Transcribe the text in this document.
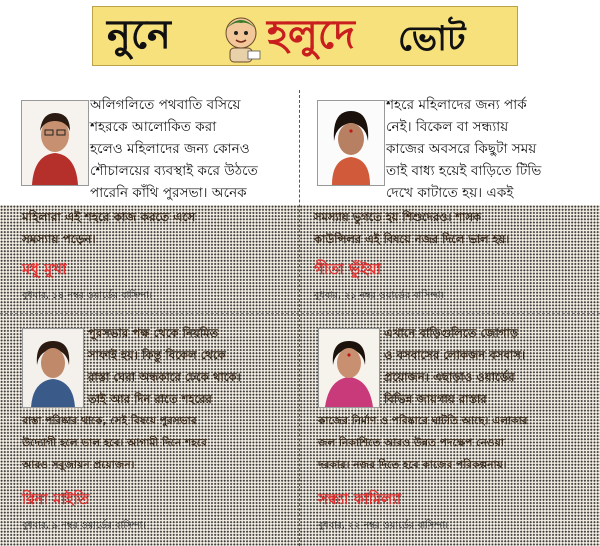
নুনে হলুদে ভোট
অলিগলিতে পথবাতি বসিয়ে
শহরকে আলোকিত করা
হলেও মহিলাদের জন্য কোনও
শৌচালয়ের ব্যবস্থাই করে উঠতে
পারেনি কাঁথি পুরসভা। অনেক
মহিলারা এই শহরে কাজ করতে এসে
সমস্যায় পড়েন।
মধু মুখা
বুধবার, ১৪ নম্বর ওয়ার্ডের বাসিন্দা।
শহরে মহিলাদের জন্য পার্ক
নেই। বিকেল বা সন্ধ্যায়
কাজের অবসরে কিছুটা সময়
তাই বাধ্য হয়েই বাড়িতে টিভি
দেখে কাটাতে হয়। একই
সমস্যায় ভুগতে হয় শিশুদেরও। শাসক
কাউন্সিলর এই বিষয়ে নজর দিলে ভাল হয়।
গীতা ভুঁইয়া
বুধবার, ২১ নম্বর ওয়ার্ডের বাসিন্দা।
পুরসভার পক্ষ থেকে নিয়মিত
সাফাই হয়। কিন্তু বিকেল থেকে
রাস্তা ঘেরা অন্ধকারে ঢেকে থাকে।
তাই আর দিন রাতে শহরের
রাস্তা পরিষ্কার থাকে, সেই বিষয়ে পুরসভার
উদ্যোগী হলে ভাল হবে। আগামী দিনে শহরে
আরও সবুজায়ন প্রয়োজন।
রিনা মাইতি
বুধবার, ৯ নম্বর ওয়ার্ডের বাসিন্দা।
এখানে বাড়িগুলিতে জোগাড়
ও বসবাসের লোকজন বসবাস।
প্রয়োজন। এছাড়াও ওয়ার্ডের
বিভিন্ন জায়গায় রাস্তার
কাজের নির্মাণ ও পরিষ্কারে ঘাটতি আছে। এলাকার
জল নিকাশিতে আরও উন্নত পদক্ষেপ নেওয়া
দরকার। নজর দিতে হবে কাজের পরিকল্পনায়।
সন্ধ্যা কামিল্যা
বুধবার, ২২ নম্বর ওয়ার্ডের বাসিন্দা।
